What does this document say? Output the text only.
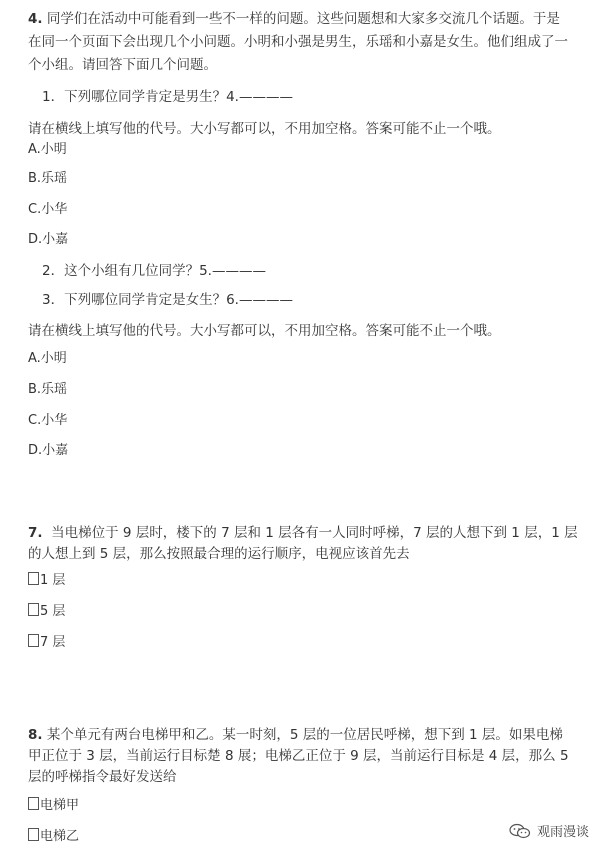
4. 同学们在活动中可能看到一些不一样的问题。这些问题想和大家多交流几个话题。于是
在同一个页面下会出现几个小问题。小明和小强是男生，乐瑶和小嘉是女生。他们组成了一
个小组。请回答下面几个问题。
1．下列哪位同学肯定是男生？4.————
请在横线上填写他的代号。大小写都可以，不用加空格。答案可能不止一个哦。
A.小明
B.乐瑶
C.小华
D.小嘉
2．这个小组有几位同学？5.————
3．下列哪位同学肯定是女生？6.————
请在横线上填写他的代号。大小写都可以，不用加空格。答案可能不止一个哦。
A.小明
B.乐瑶
C.小华
D.小嘉
7. 当电梯位于 9 层时，楼下的 7 层和 1 层各有一人同时呼梯，7 层的人想下到 1 层，1 层
的人想上到 5 层，那么按照最合理的运行顺序，电视应该首先去
1 层
5 层
7 层
8. 某个单元有两台电梯甲和乙。某一时刻，5 层的一位居民呼梯，想下到 1 层。如果电梯
甲正位于 3 层，当前运行目标楚 8 展；电梯乙正位于 9 层，当前运行目标是 4 层，那么 5
层的呼梯指令最好发送给
电梯甲
电梯乙	观雨漫谈
